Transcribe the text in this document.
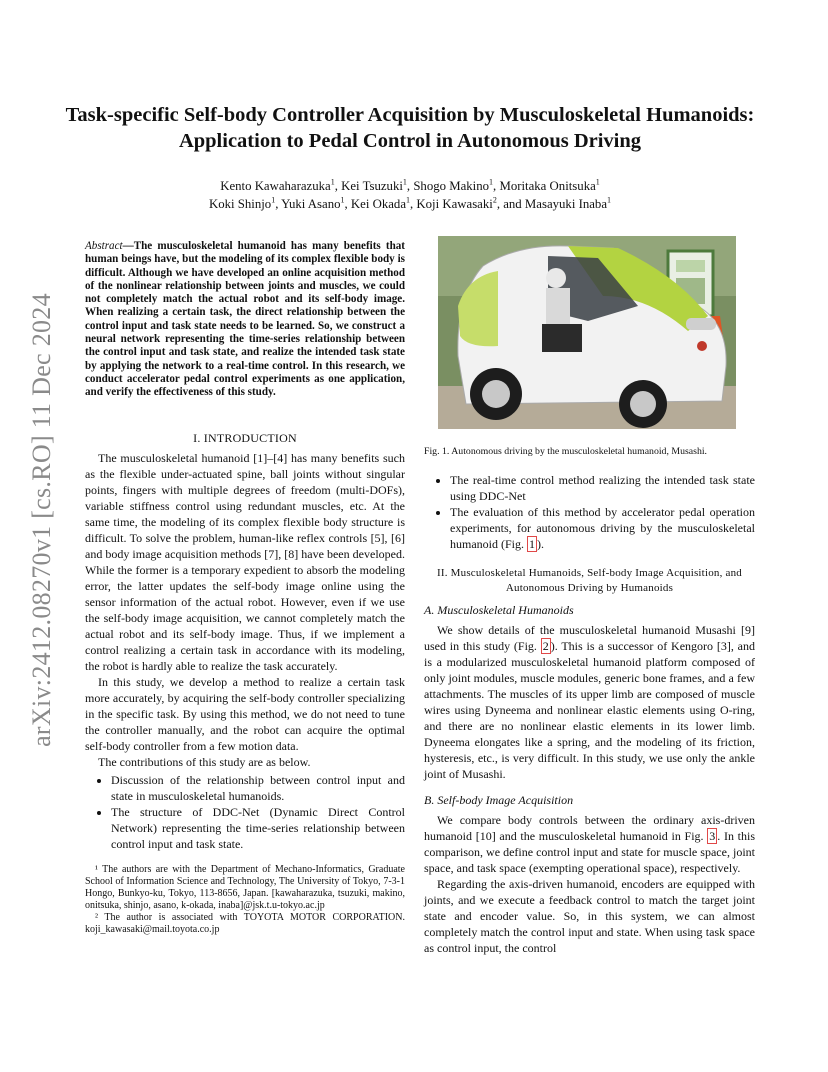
arXiv:2412.08270v1 [cs.RO] 11 Dec 2024
Task-specific Self-body Controller Acquisition by Musculoskeletal Humanoids: Application to Pedal Control in Autonomous Driving
Kento Kawaharazuka$^1$, Kei Tsuzuki$^1$, Shogo Makino$^1$, Moritaka Onitsuka$^1$
Koki Shinjo$^1$, Yuki Asano$^1$, Kei Okada$^1$, Koji Kawasaki$^2$, and Masayuki Inaba$^1$
Abstract—The musculoskeletal humanoid has many benefits that human beings have, but the modeling of its complex flexible body is difficult. Although we have developed an online acquisition method of the nonlinear relationship between joints and muscles, we could not completely match the actual robot and its self-body image. When realizing a certain task, the direct relationship between the control input and task state needs to be learned. So, we construct a neural network representing the time-series relationship between the control input and task state, and realize the intended task state by applying the network to a real-time control. In this research, we conduct accelerator pedal control experiments as one application, and verify the effectiveness of this study.
I. INTRODUCTION

The musculoskeletal humanoid [1]–[4] has many benefits such as the flexible under-actuated spine, ball joints without singular points, fingers with multiple degrees of freedom (multi-DOFs), variable stiffness control using redundant muscles, etc. At the same time, the modeling of its complex flexible body structure is difficult. To solve the problem, human-like reflex controls [5], [6] and body image acquisition methods [7], [8] have been developed. While the former is a temporary expedient to absorb the modeling error, the latter updates the self-body image online using the sensor information of the actual robot. However, even if we use the self-body image acquisition, we cannot completely match the actual robot and its self-body image. Thus, if we implement a control realizing a certain task in accordance with its modeling, the robot is hardly able to realize the task accurately.

In this study, we develop a method to realize a certain task more accurately, by acquiring the self-body controller specializing in the specific task. By using this method, we do not need to tune the controller manually, and the robot can acquire the optimal self-body controller from a few motion data.

The contributions of this study are as below.

• Discussion of the relationship between control input and state in musculoskeletal humanoids.
• The structure of DDC-Net (Dynamic Direct Control Network) representing the time-series relationship between control input and task state.

¹ The authors are with the Department of Mechano-Informatics, Graduate School of Information Science and Technology, The University of Tokyo, 7-3-1 Hongo, Bunkyo-ku, Tokyo, 113-8656, Japan. [kawaharazuka, tsuzuki, makino, onitsuka, shinjo, asano, k-okada, inaba]@jsk.t.u-tokyo.ac.jp

² The author is associated with TOYOTA MOTOR CORPORATION. koji_kawasaki@mail.toyota.co.jp

Fig. 1. Autonomous driving by the musculoskeletal humanoid, Musashi.
• The real-time control method realizing the intended task state using DDC-Net
• The evaluation of this method by accelerator pedal operation experiments, for autonomous driving by the musculoskeletal humanoid (Fig. 1 ).
II. Musculoskeletal Humanoids, Self-body Image Acquisition, and Autonomous Driving by Humanoids

A. Musculoskeletal Humanoids

We show details of the musculoskeletal humanoid Musashi [9] used in this study (Fig. 2 ). This is a successor of Kengoro [3], and is a modularized musculoskeletal humanoid platform composed of only joint modules, muscle modules, generic bone frames, and a few attachments. The muscles of its upper limb are composed of muscle wires using Dyneema and nonlinear elastic elements using O-ring, and there are no nonlinear elastic elements in its lower limb. Dyneema elongates like a spring, and the modeling of its friction, hysteresis, etc., is very difficult. In this study, we use only the ankle joint of Musashi.

B. Self-body Image Acquisition

We compare body controls between the ordinary axis-driven humanoid [10] and the musculoskeletal humanoid in Fig. 3 . In this comparison, we define control input and state for muscle space, joint space, and task space (exempting operational space), respectively.

Regarding the axis-driven humanoid, encoders are equipped with joints, and we execute a feedback control to match the target joint state and encoder value. So, in this system, we can almost completely match the control input and state. When using task space as control input, the control
